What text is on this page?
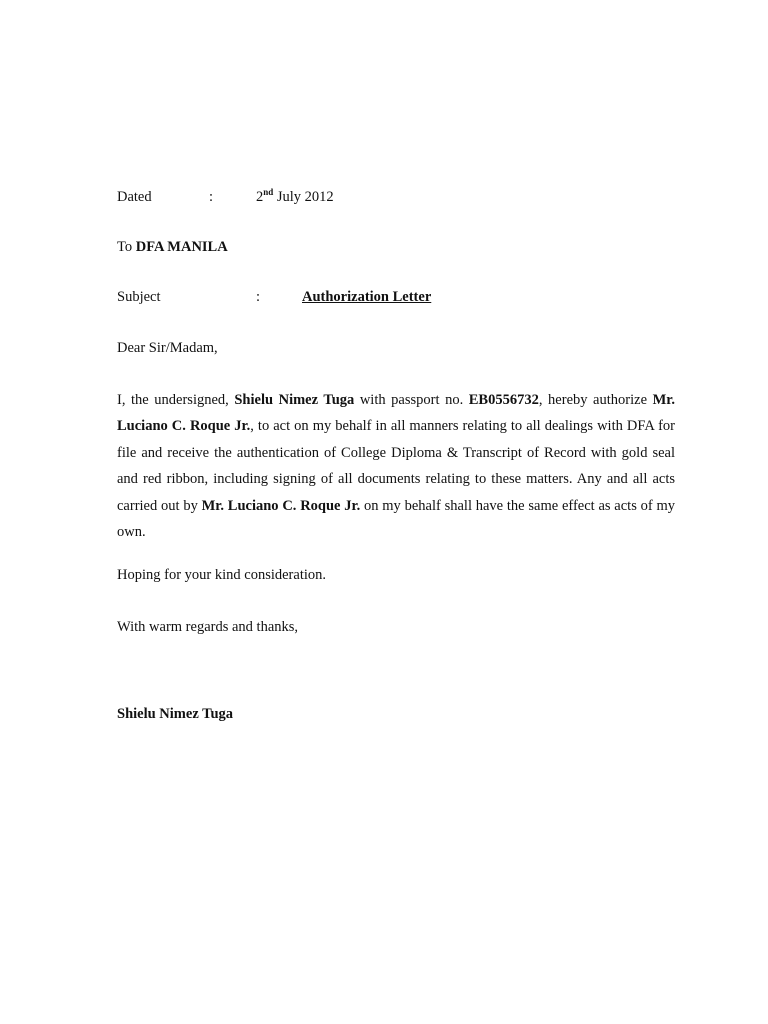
Dated	:	2nd July 2012
To DFA MANILA
Subject	:	Authorization Letter
Dear Sir/Madam,
I, the undersigned, Shielu Nimez Tuga with passport no. EB0556732, hereby authorize Mr. Luciano C. Roque Jr., to act on my behalf in all manners relating to all dealings with DFA for file and receive the authentication of College Diploma & Transcript of Record with gold seal and red ribbon, including signing of all documents relating to these matters. Any and all acts carried out by Mr. Luciano C. Roque Jr. on my behalf shall have the same effect as acts of my own.
Hoping for your kind consideration.
With warm regards and thanks,
Shielu Nimez Tuga
